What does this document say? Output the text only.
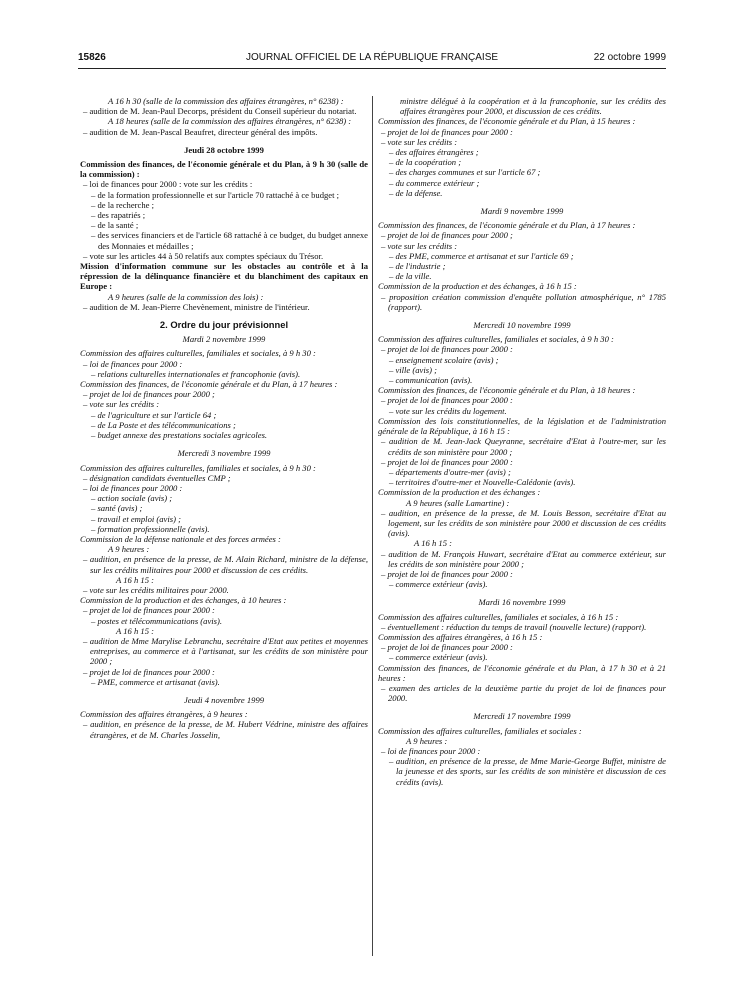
15826	JOURNAL OFFICIEL DE LA RÉPUBLIQUE FRANÇAISE	22 octobre 1999

A 16 h 30 (salle de la commission des affaires étrangères, n° 6238) :

– audition de M. Jean-Paul Decorps, président du Conseil supérieur du notariat.

A 18 heures (salle de la commission des affaires étrangères, n° 6238) :

– audition de M. Jean-Pascal Beaufret, directeur général des impôts.

Jeudi 28 octobre 1999

Commission des finances, de l'économie générale et du Plan, à 9 h 30 (salle de la commission) :

– loi de finances pour 2000 : vote sur les crédits :

– de la formation professionnelle et sur l'article 70 rattaché à ce budget ;

– de la recherche ;

– des rapatriés ;

– de la santé ;

– des services financiers et de l'article 68 rattaché à ce budget, du budget annexe des Monnaies et médailles ;

– vote sur les articles 44 à 50 relatifs aux comptes spéciaux du Trésor.

Mission d'information commune sur les obstacles au contrôle et à la répression de la délinquance financière et du blanchiment des capitaux en Europe :

A 9 heures (salle de la commission des lois) :

– audition de M. Jean-Pierre Chevènement, ministre de l'intérieur.

2. Ordre du jour prévisionnel

Mardi 2 novembre 1999

Commission des affaires culturelles, familiales et sociales, à 9 h 30 :

– loi de finances pour 2000 :

– relations culturelles internationales et francophonie (avis).

Commission des finances, de l'économie générale et du Plan, à 17 heures :

– projet de loi de finances pour 2000 ;

– vote sur les crédits :

– de l'agriculture et sur l'article 64 ;

– de La Poste et des télécommunications ;

– budget annexe des prestations sociales agricoles.

Mercredi 3 novembre 1999

Commission des affaires culturelles, familiales et sociales, à 9 h 30 :

– désignation candidats éventuelles CMP ;

– loi de finances pour 2000 :

– action sociale (avis) ;

– santé (avis) ;

– travail et emploi (avis) ;

– formation professionnelle (avis).

Commission de la défense nationale et des forces armées :

A 9 heures :

– audition, en présence de la presse, de M. Alain Richard, ministre de la défense, sur les crédits militaires pour 2000 et discussion de ces crédits.

A 16 h 15 :

– vote sur les crédits militaires pour 2000.

Commission de la production et des échanges, à 10 heures :

– projet de loi de finances pour 2000 :

– postes et télécommunications (avis).

A 16 h 15 :

– audition de Mme Marylise Lebranchu, secrétaire d'Etat aux petites et moyennes entreprises, au commerce et à l'artisanat, sur les crédits de son ministère pour 2000 ;

– projet de loi de finances pour 2000 :

– PME, commerce et artisanat (avis).

Jeudi 4 novembre 1999

Commission des affaires étrangères, à 9 heures :

– audition, en présence de la presse, de M. Hubert Védrine, ministre des affaires étrangères, et de M. Charles Josselin,

ministre délégué à la coopération et à la francophonie, sur les crédits des affaires étrangères pour 2000, et discussion de ces crédits.

Commission des finances, de l'économie générale et du Plan, à 15 heures :

– projet de loi de finances pour 2000 :

– vote sur les crédits :

– des affaires étrangères ;

– de la coopération ;

– des charges communes et sur l'article 67 ;

– du commerce extérieur ;

– de la défense.

Mardi 9 novembre 1999

Commission des finances, de l'économie générale et du Plan, à 17 heures :

– projet de loi de finances pour 2000 ;

– vote sur les crédits :

– des PME, commerce et artisanat et sur l'article 69 ;

– de l'industrie ;

– de la ville.

Commission de la production et des échanges, à 16 h 15 :

– proposition création commission d'enquête pollution atmosphérique, n° 1785 (rapport).

Mercredi 10 novembre 1999

Commission des affaires culturelles, familiales et sociales, à 9 h 30 :

– projet de loi de finances pour 2000 :

– enseignement scolaire (avis) ;

– ville (avis) ;

– communication (avis).

Commission des finances, de l'économie générale et du Plan, à 18 heures :

– projet de loi de finances pour 2000 :

– vote sur les crédits du logement.

Commission des lois constitutionnelles, de la législation et de l'administration générale de la République, à 16 h 15 :

– audition de M. Jean-Jack Queyranne, secrétaire d'Etat à l'outre-mer, sur les crédits de son ministère pour 2000 ;

– projet de loi de finances pour 2000 :

– départements d'outre-mer (avis) ;

– territoires d'outre-mer et Nouvelle-Calédonie (avis).

Commission de la production et des échanges :

A 9 heures (salle Lamartine) :

– audition, en présence de la presse, de M. Louis Besson, secrétaire d'Etat au logement, sur les crédits de son ministère pour 2000 et discussion de ces crédits (avis).

A 16 h 15 :

– audition de M. François Huwart, secrétaire d'Etat au commerce extérieur, sur les crédits de son ministère pour 2000 ;

– projet de loi de finances pour 2000 :

– commerce extérieur (avis).

Mardi 16 novembre 1999

Commission des affaires culturelles, familiales et sociales, à 16 h 15 :

– éventuellement : réduction du temps de travail (nouvelle lecture) (rapport).

Commission des affaires étrangères, à 16 h 15 :

– projet de loi de finances pour 2000 :

– commerce extérieur (avis).

Commission des finances, de l'économie générale et du Plan, à 17 h 30 et à 21 heures :

– examen des articles de la deuxième partie du projet de loi de finances pour 2000.

Mercredi 17 novembre 1999

Commission des affaires culturelles, familiales et sociales :

A 9 heures :

– loi de finances pour 2000 :

– audition, en présence de la presse, de Mme Marie-George Buffet, ministre de la jeunesse et des sports, sur les crédits de son ministère et discussion de ces crédits (avis).
